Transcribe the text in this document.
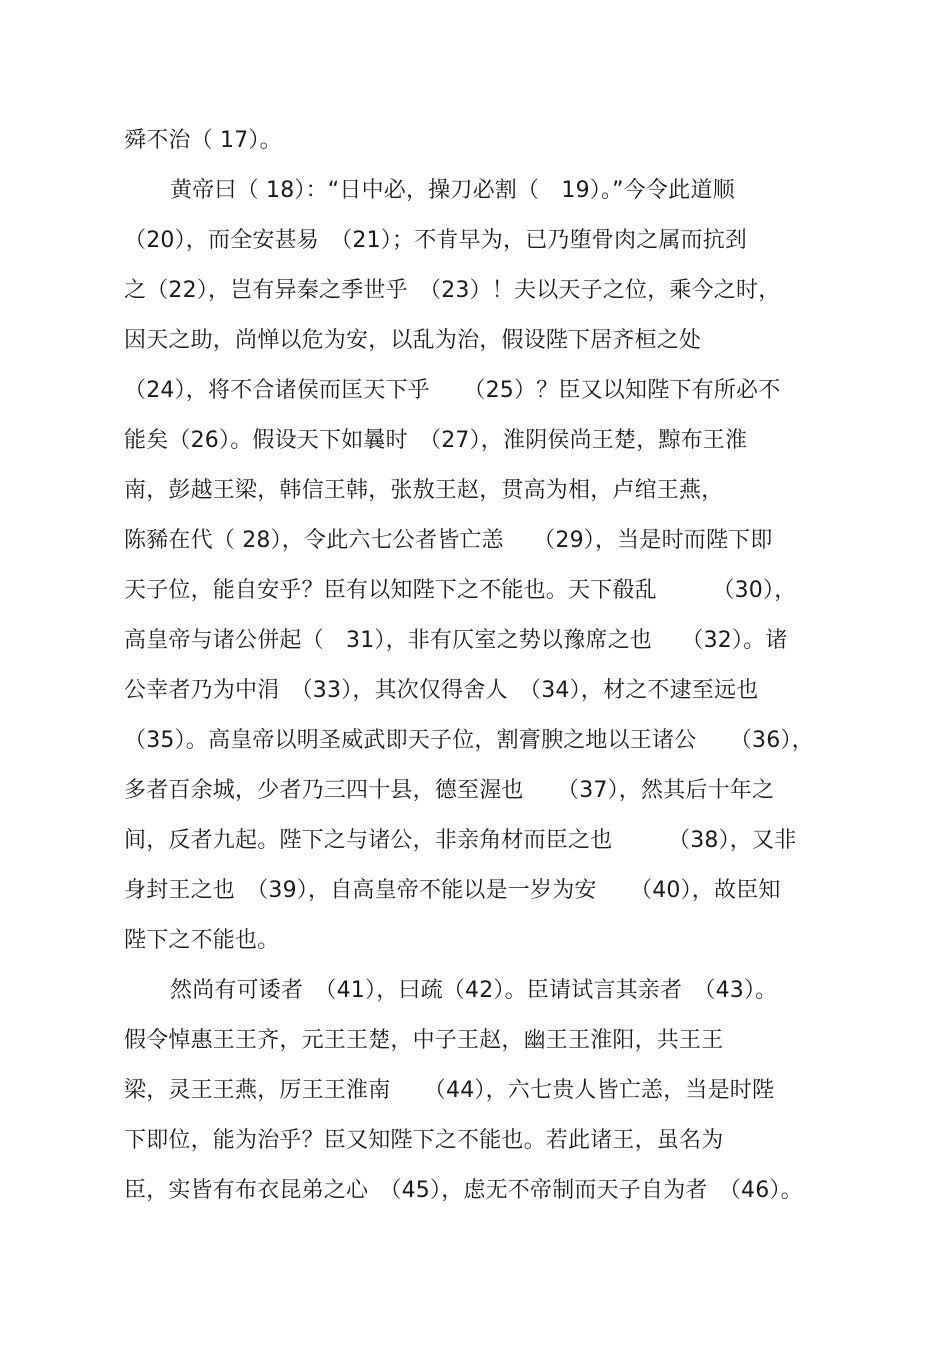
舜不治（ 17）。
黄帝曰（ 18）：“日中必，操刀必割（　19）。”今令此道顺
（20），而全安甚易　（21）；不肯早为，已乃堕骨肉之属而抗刭
之（22），岂有异秦之季世乎　（23）！夫以天子之位，乘今之时，
因天之助，尚惮以危为安，以乱为治，假设陛下居齐桓之处
（24），将不合诸侯而匡天下乎　　（25）？臣又以知陛下有所必不
能矣（26）。假设天下如曩时　（27），淮阴侯尚王楚，黥布王淮
南，彭越王梁，韩信王韩，张敖王赵，贯高为相，卢绾王燕，
陈豨在代（ 28），令此六七公者皆亡恙　 （29），当是时而陛下即
天子位，能自安乎？臣有以知陛下之不能也。天下殽乱　　　（30），
高皇帝与诸公併起（　31），非有仄室之势以豫席之也　 （32）。诸
公幸者乃为中涓　（33），其次仅得舍人　（34），材之不逮至远也
（35）。高皇帝以明圣威武即天子位，割膏腴之地以王诸公　　（36），
多者百余城，少者乃三四十县，德至渥也　　（37），然其后十年之
间，反者九起。陛下之与诸公，非亲角材而臣之也　　　（38），又非
身封王之也　（39），自高皇帝不能以是一岁为安　　（40），故臣知
陛下之不能也。
然尚有可诿者　（41），曰疏（42）。臣请试言其亲者　（43）。
假令悼惠王王齐，元王王楚，中子王赵，幽王王淮阳，共王王
梁，灵王王燕，厉王王淮南　　（44），六七贵人皆亡恙，当是时陛
下即位，能为治乎？臣又知陛下之不能也。若此诸王，虽名为
臣，实皆有布衣昆弟之心　（45），虑无不帝制而天子自为者　（46）。
